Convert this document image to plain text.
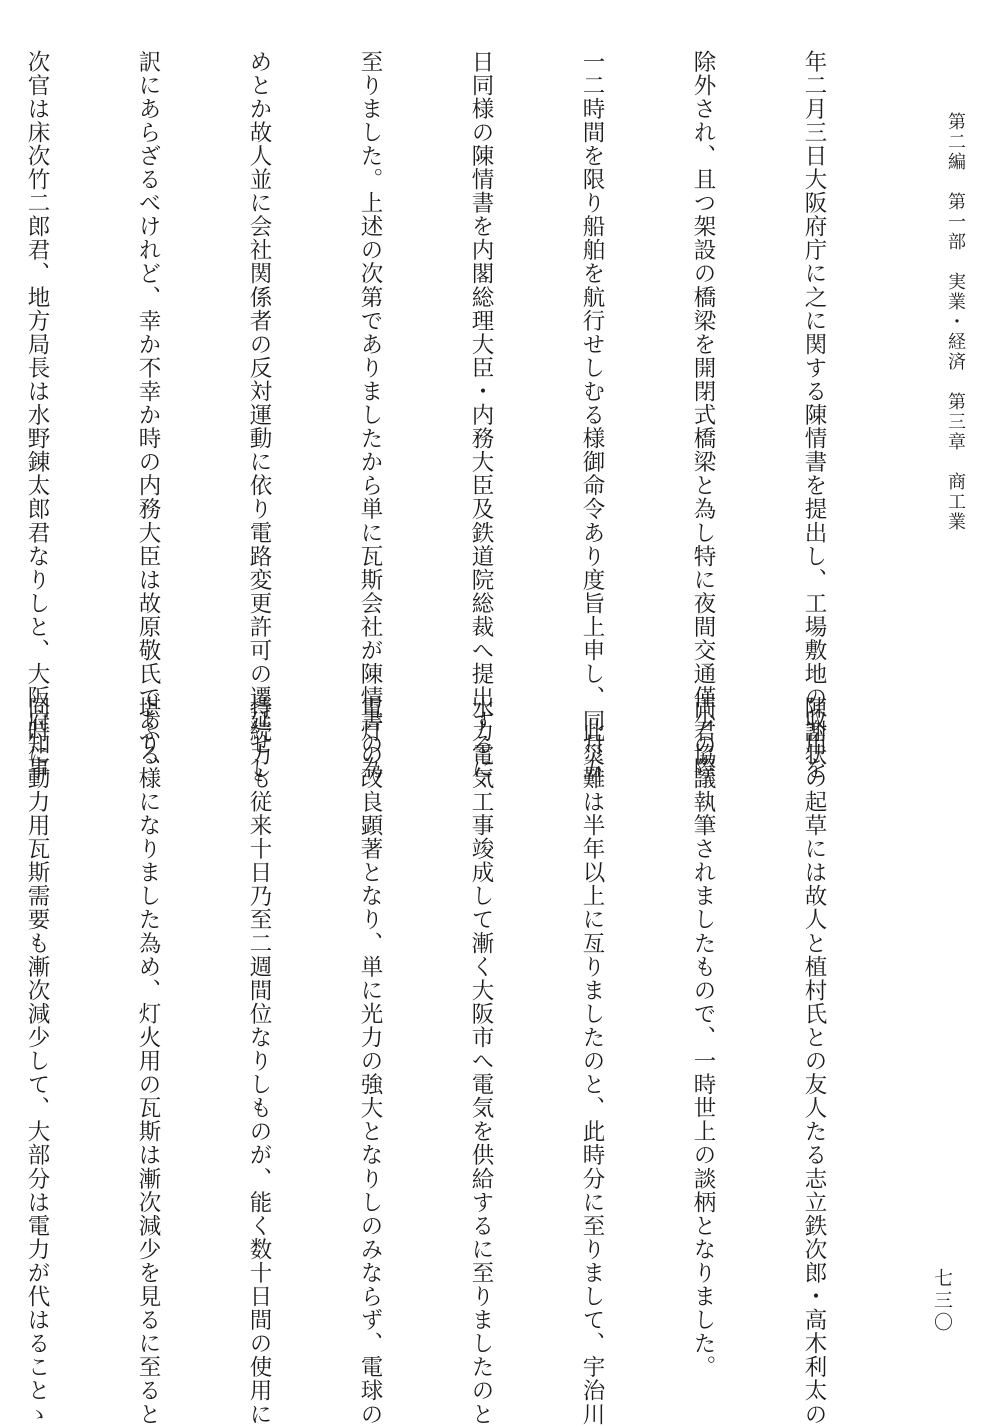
第二編　第一部　実業・経済　第三章　商工業
七三〇

年二月三日大阪府庁に之に関する陳情書を提出し、工場敷地の収用を

除外され、且つ架設の橋梁を開閉式橋梁と為し特に夜間交通僅少の際

一二時間を限り船舶を航行せしむる様御命令あり度旨上申し、同月五

日同様の陳情書を内閣総理大臣・内務大臣及鉄道院総裁へ提出するに

至りました。上述の次第でありましたから単に瓦斯会社が陳情書の為

めとか故人並に会社関係者の反対運動に依り電路変更許可の遷延せし

訳にあらざるべけれど、幸か不幸か時の内務大臣は故原敬氏であり、

次官は床次竹二郎君、地方局長は水野錬太郎君なりしと、大阪府知事

陳謝状の起草には故人と植村氏との友人たる志立鉄次郎・高木利太の

両君協議執筆されましたもので、一時世上の談柄となりました。

　此災難は半年以上に亙りましたのと、此時分に至りまして、宇治川

水力電気工事竣成して漸く大阪市へ電気を供給するに至りましたのと

電灯の改良顕著となり、単に光力の強大となりしのみならず、電球の

持続力も従来十日乃至二週間位なりしものが、能く数十日間の使用に

堪ふる様になりました為め、灯火用の瓦斯は漸次減少を見るに至ると

同時に動力用瓦斯需要も漸次減少して、大部分は電力が代はることゝ
